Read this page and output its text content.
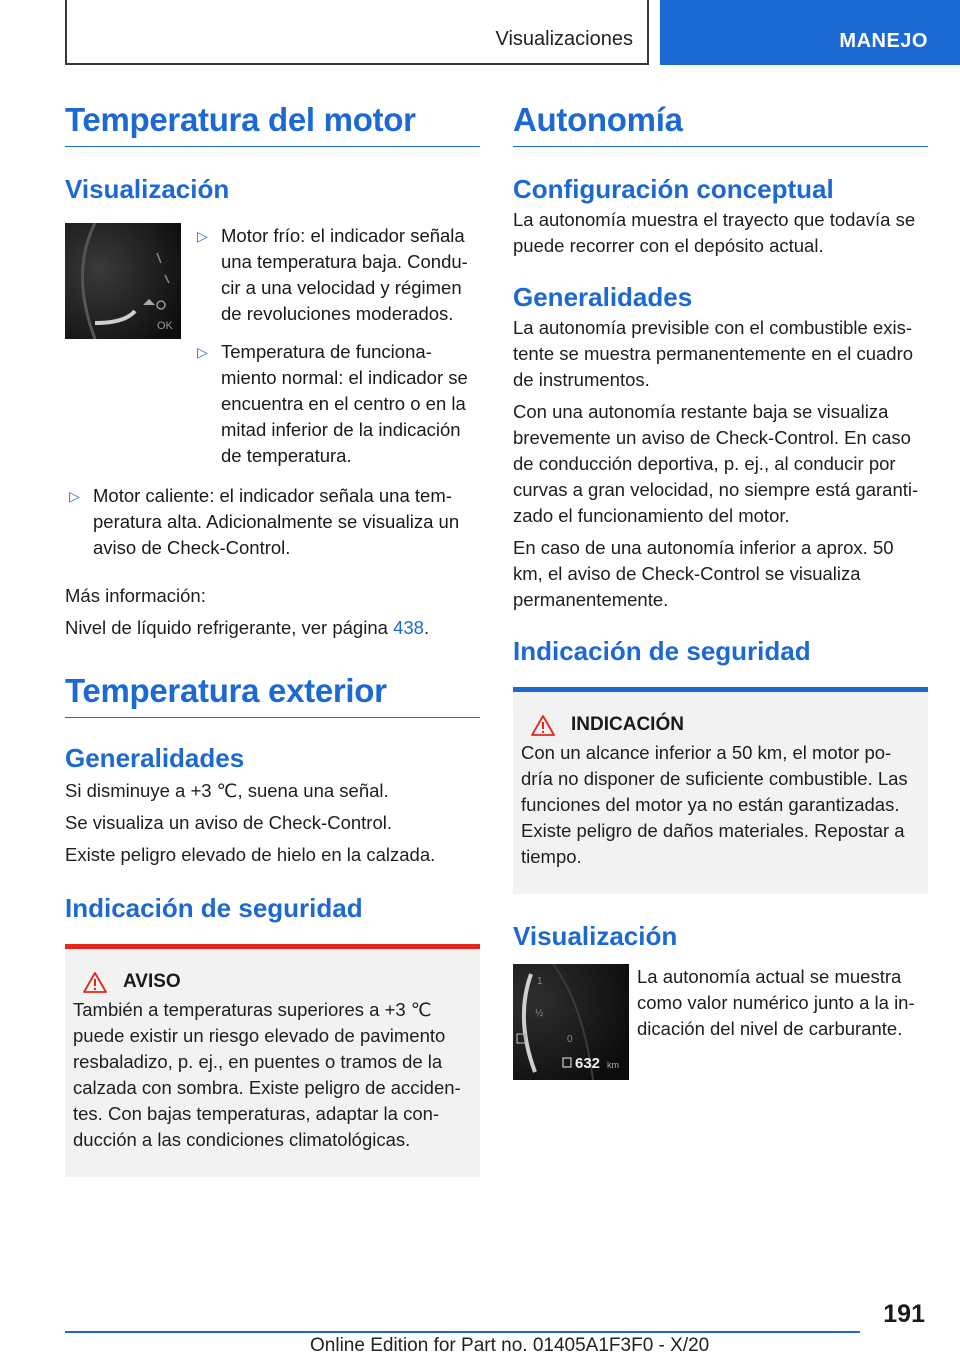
Visualizaciones	MANEJO
Temperatura del motor
Visualización
OK
▷ Motor frío: el indicador señala una temperatura baja. Condu-cir a una velocidad y régimen de revoluciones moderados.
▷ Temperatura de funciona-miento normal: el indicador se encuentra en el centro o en la mitad inferior de la indicación de temperatura.
▷ Motor caliente: el indicador señala una tem-peratura alta. Adicionalmente se visualiza un aviso de Check-Control.

Más información:

Nivel de líquido refrigerante, ver página 438.

Temperatura exterior
Generalidades

Si disminuye a +3 ℃, suena una señal.

Se visualiza un aviso de Check-Control.

Existe peligro elevado de hielo en la calzada.

Indicación de seguridad
AVISO

También a temperaturas superiores a +3 ℃ puede existir un riesgo elevado de pavimento resbaladizo, p. ej., en puentes o tramos de la calzada con sombra. Existe peligro de acciden-tes. Con bajas temperaturas, adaptar la con-ducción a las condiciones climatológicas.

Autonomía
Configuración conceptual

La autonomía muestra el trayecto que todavía se puede recorrer con el depósito actual.

Generalidades

La autonomía previsible con el combustible exis-tente se muestra permanentemente en el cuadro de instrumentos.

Con una autonomía restante baja se visualiza brevemente un aviso de Check-Control. En caso de conducción deportiva, p. ej., al conducir por curvas a gran velocidad, no siempre está garanti-zado el funcionamiento del motor.

En caso de una autonomía inferior a aprox. 50 km, el aviso de Check-Control se visualiza permanentemente.

Indicación de seguridad
INDICACIÓN

Con un alcance inferior a 50 km, el motor po-dría no disponer de suficiente combustible. Las funciones del motor ya no están garantizadas. Existe peligro de daños materiales. Repostar a tiempo.

Visualización
1
½
0
632 km

La autonomía actual se muestra como valor numérico junto a la in-dicación del nivel de carburante.

191
Online Edition for Part no. 01405A1F3F0 - X/20
